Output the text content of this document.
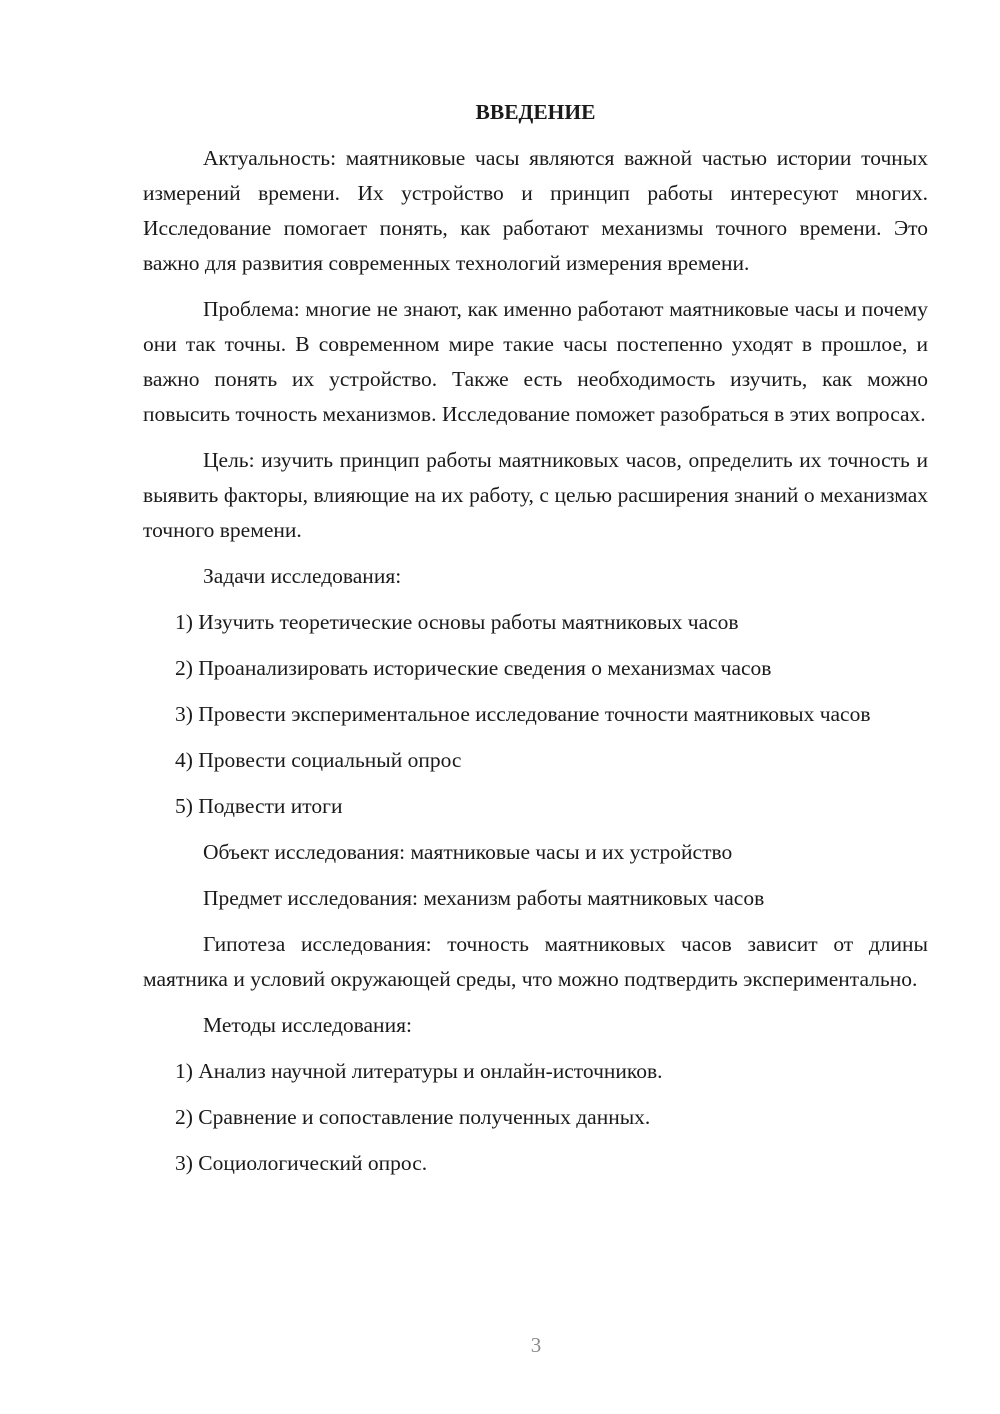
ВВЕДЕНИЕ
Актуальность: маятниковые часы являются важной частью истории точных измерений времени. Их устройство и принцип работы интересуют многих. Исследование помогает понять, как работают механизмы точного времени. Это важно для развития современных технологий измерения времени.
Проблема: многие не знают, как именно работают маятниковые часы и почему они так точны. В современном мире такие часы постепенно уходят в прошлое, и важно понять их устройство. Также есть необходимость изучить, как можно повысить точность механизмов. Исследование поможет разобраться в этих вопросах.
Цель: изучить принцип работы маятниковых часов, определить их точность и выявить факторы, влияющие на их работу, с целью расширения знаний о механизмах точного времени.
Задачи исследования:
1) Изучить теоретические основы работы маятниковых часов
2) Проанализировать исторические сведения о механизмах часов
3) Провести экспериментальное исследование точности маятниковых часов
4) Провести социальный опрос
5) Подвести итоги
Объект исследования: маятниковые часы и их устройство
Предмет исследования: механизм работы маятниковых часов
Гипотеза исследования: точность маятниковых часов зависит от длины маятника и условий окружающей среды, что можно подтвердить экспериментально.
Методы исследования:
1) Анализ научной литературы и онлайн-источников.
2) Сравнение и сопоставление полученных данных.
3) Социологический опрос.
3
